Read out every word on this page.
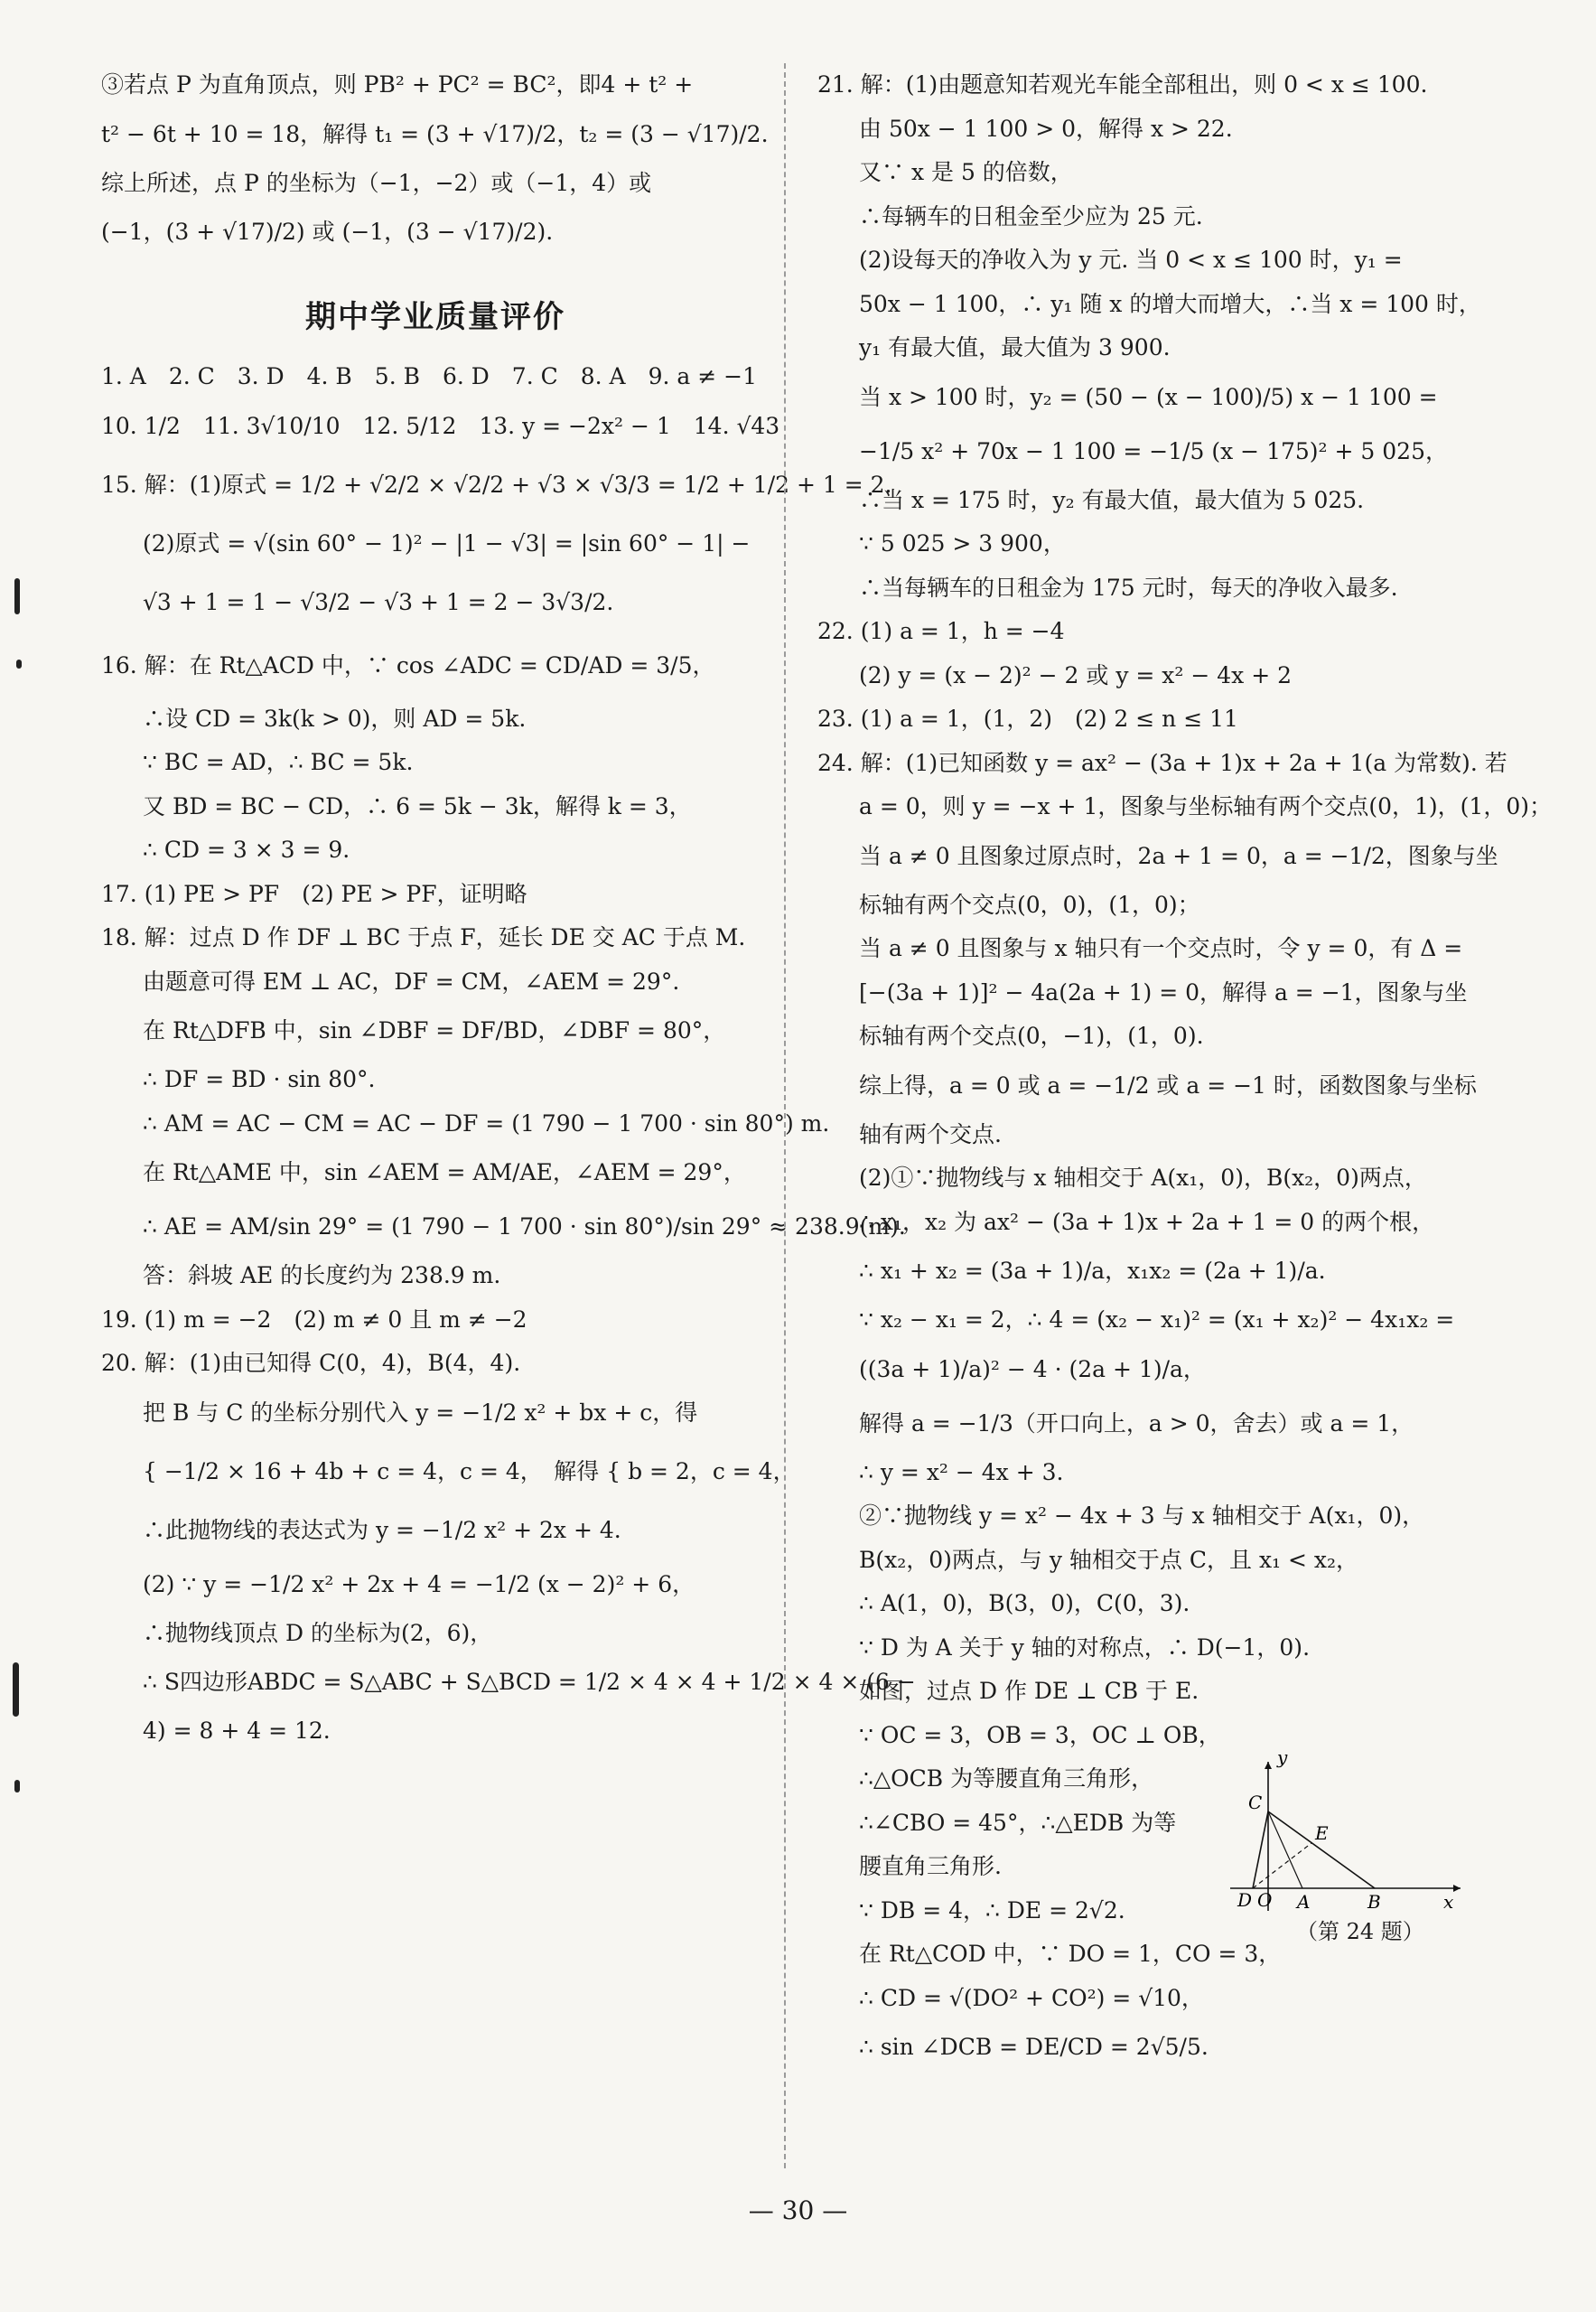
③若点 P 为直角顶点，则 PB² + PC² = BC²，即4 + t² +
t² − 6t + 10 = 18，解得 t₁ = (3 + √17)/2，t₂ = (3 − √17)/2.
综上所述，点 P 的坐标为（−1，−2）或（−1，4）或
(−1，(3 + √17)/2) 或 (−1，(3 − √17)/2).
期中学业质量评价
1. A　2. C　3. D　4. B　5. B　6. D　7. C　8. A　9. a ≠ −1
10. 1/2　11. 3√10/10　12. 5/12　13. y = −2x² − 1　14. √43
15. 解：(1)原式 = 1/2 + √2/2 × √2/2 + √3 × √3/3 = 1/2 + 1/2 + 1 = 2.
(2)原式 = √(sin 60° − 1)² − |1 − √3| = |sin 60° − 1| −
√3 + 1 = 1 − √3/2 − √3 + 1 = 2 − 3√3/2.
16. 解：在 Rt△ACD 中，∵ cos ∠ADC = CD/AD = 3/5，
∴设 CD = 3k(k > 0)，则 AD = 5k.
∵ BC = AD，∴ BC = 5k.
又 BD = BC − CD，∴ 6 = 5k − 3k，解得 k = 3，
∴ CD = 3 × 3 = 9.
17. (1) PE > PF　(2) PE > PF，证明略
18. 解：过点 D 作 DF ⊥ BC 于点 F，延长 DE 交 AC 于点 M.
由题意可得 EM ⊥ AC，DF = CM，∠AEM = 29°.
在 Rt△DFB 中，sin ∠DBF = DF/BD，∠DBF = 80°，
∴ DF = BD · sin 80°.
∴ AM = AC − CM = AC − DF = (1 790 − 1 700 · sin 80°) m.
在 Rt△AME 中，sin ∠AEM = AM/AE，∠AEM = 29°，
∴ AE = AM/sin 29° = (1 790 − 1 700 · sin 80°)/sin 29° ≈ 238.9(m).
答：斜坡 AE 的长度约为 238.9 m.
19. (1) m = −2　(2) m ≠ 0 且 m ≠ −2
20. 解：(1)由已知得 C(0，4)，B(4，4).
把 B 与 C 的坐标分别代入 y = −1/2 x² + bx + c，得
{ −1/2 × 16 + 4b + c = 4，c = 4，　解得 { b = 2，c = 4，
∴此抛物线的表达式为 y = −1/2 x² + 2x + 4.
(2) ∵ y = −1/2 x² + 2x + 4 = −1/2 (x − 2)² + 6，
∴抛物线顶点 D 的坐标为(2，6)，
∴ S四边形ABDC = S△ABC + S△BCD = 1/2 × 4 × 4 + 1/2 × 4 × (6 −
4) = 8 + 4 = 12.
21. 解：(1)由题意知若观光车能全部租出，则 0 < x ≤ 100.
由 50x − 1 100 > 0，解得 x > 22.
又∵ x 是 5 的倍数，
∴每辆车的日租金至少应为 25 元.
(2)设每天的净收入为 y 元. 当 0 < x ≤ 100 时，y₁ =
50x − 1 100，∴ y₁ 随 x 的增大而增大，∴当 x = 100 时，
y₁ 有最大值，最大值为 3 900.
当 x > 100 时，y₂ = (50 − (x − 100)/5) x − 1 100 =
−1/5 x² + 70x − 1 100 = −1/5 (x − 175)² + 5 025，
∴当 x = 175 时，y₂ 有最大值，最大值为 5 025.
∵ 5 025 > 3 900，
∴当每辆车的日租金为 175 元时，每天的净收入最多.
22. (1) a = 1，h = −4
(2) y = (x − 2)² − 2 或 y = x² − 4x + 2
23. (1) a = 1，(1，2)　(2) 2 ≤ n ≤ 11
24. 解：(1)已知函数 y = ax² − (3a + 1)x + 2a + 1(a 为常数). 若
a = 0，则 y = −x + 1，图象与坐标轴有两个交点(0，1)，(1，0)；
当 a ≠ 0 且图象过原点时，2a + 1 = 0，a = −1/2，图象与坐
标轴有两个交点(0，0)，(1，0)；
当 a ≠ 0 且图象与 x 轴只有一个交点时，令 y = 0，有 Δ =
[−(3a + 1)]² − 4a(2a + 1) = 0，解得 a = −1，图象与坐
标轴有两个交点(0，−1)，(1，0).
综上得，a = 0 或 a = −1/2 或 a = −1 时，函数图象与坐标
轴有两个交点.
(2)①∵抛物线与 x 轴相交于 A(x₁，0)，B(x₂，0)两点，
∴ x₁，x₂ 为 ax² − (3a + 1)x + 2a + 1 = 0 的两个根，
∴ x₁ + x₂ = (3a + 1)/a，x₁x₂ = (2a + 1)/a.
∵ x₂ − x₁ = 2，∴ 4 = (x₂ − x₁)² = (x₁ + x₂)² − 4x₁x₂ =
((3a + 1)/a)² − 4 · (2a + 1)/a，
解得 a = −1/3（开口向上，a > 0，舍去）或 a = 1，
∴ y = x² − 4x + 3.
②∵抛物线 y = x² − 4x + 3 与 x 轴相交于 A(x₁，0)，
B(x₂，0)两点，与 y 轴相交于点 C，且 x₁ < x₂，
∴ A(1，0)，B(3，0)，C(0，3).
∵ D 为 A 关于 y 轴的对称点，∴ D(−1，0).
如图，过点 D 作 DE ⊥ CB 于 E.
∵ OC = 3，OB = 3，OC ⊥ OB，
∴△OCB 为等腰直角三角形，
∴∠CBO = 45°，∴△EDB 为等
腰直角三角形.
∵ DB = 4，∴ DE = 2√2.
在 Rt△COD 中，∵ DO = 1，CO = 3，
∴ CD = √(DO² + CO²) = √10，
∴ sin ∠DCB = DE/CD = 2√5/5.
y
C
E
D O A	B	x
（第 24 题）
— 30 —
